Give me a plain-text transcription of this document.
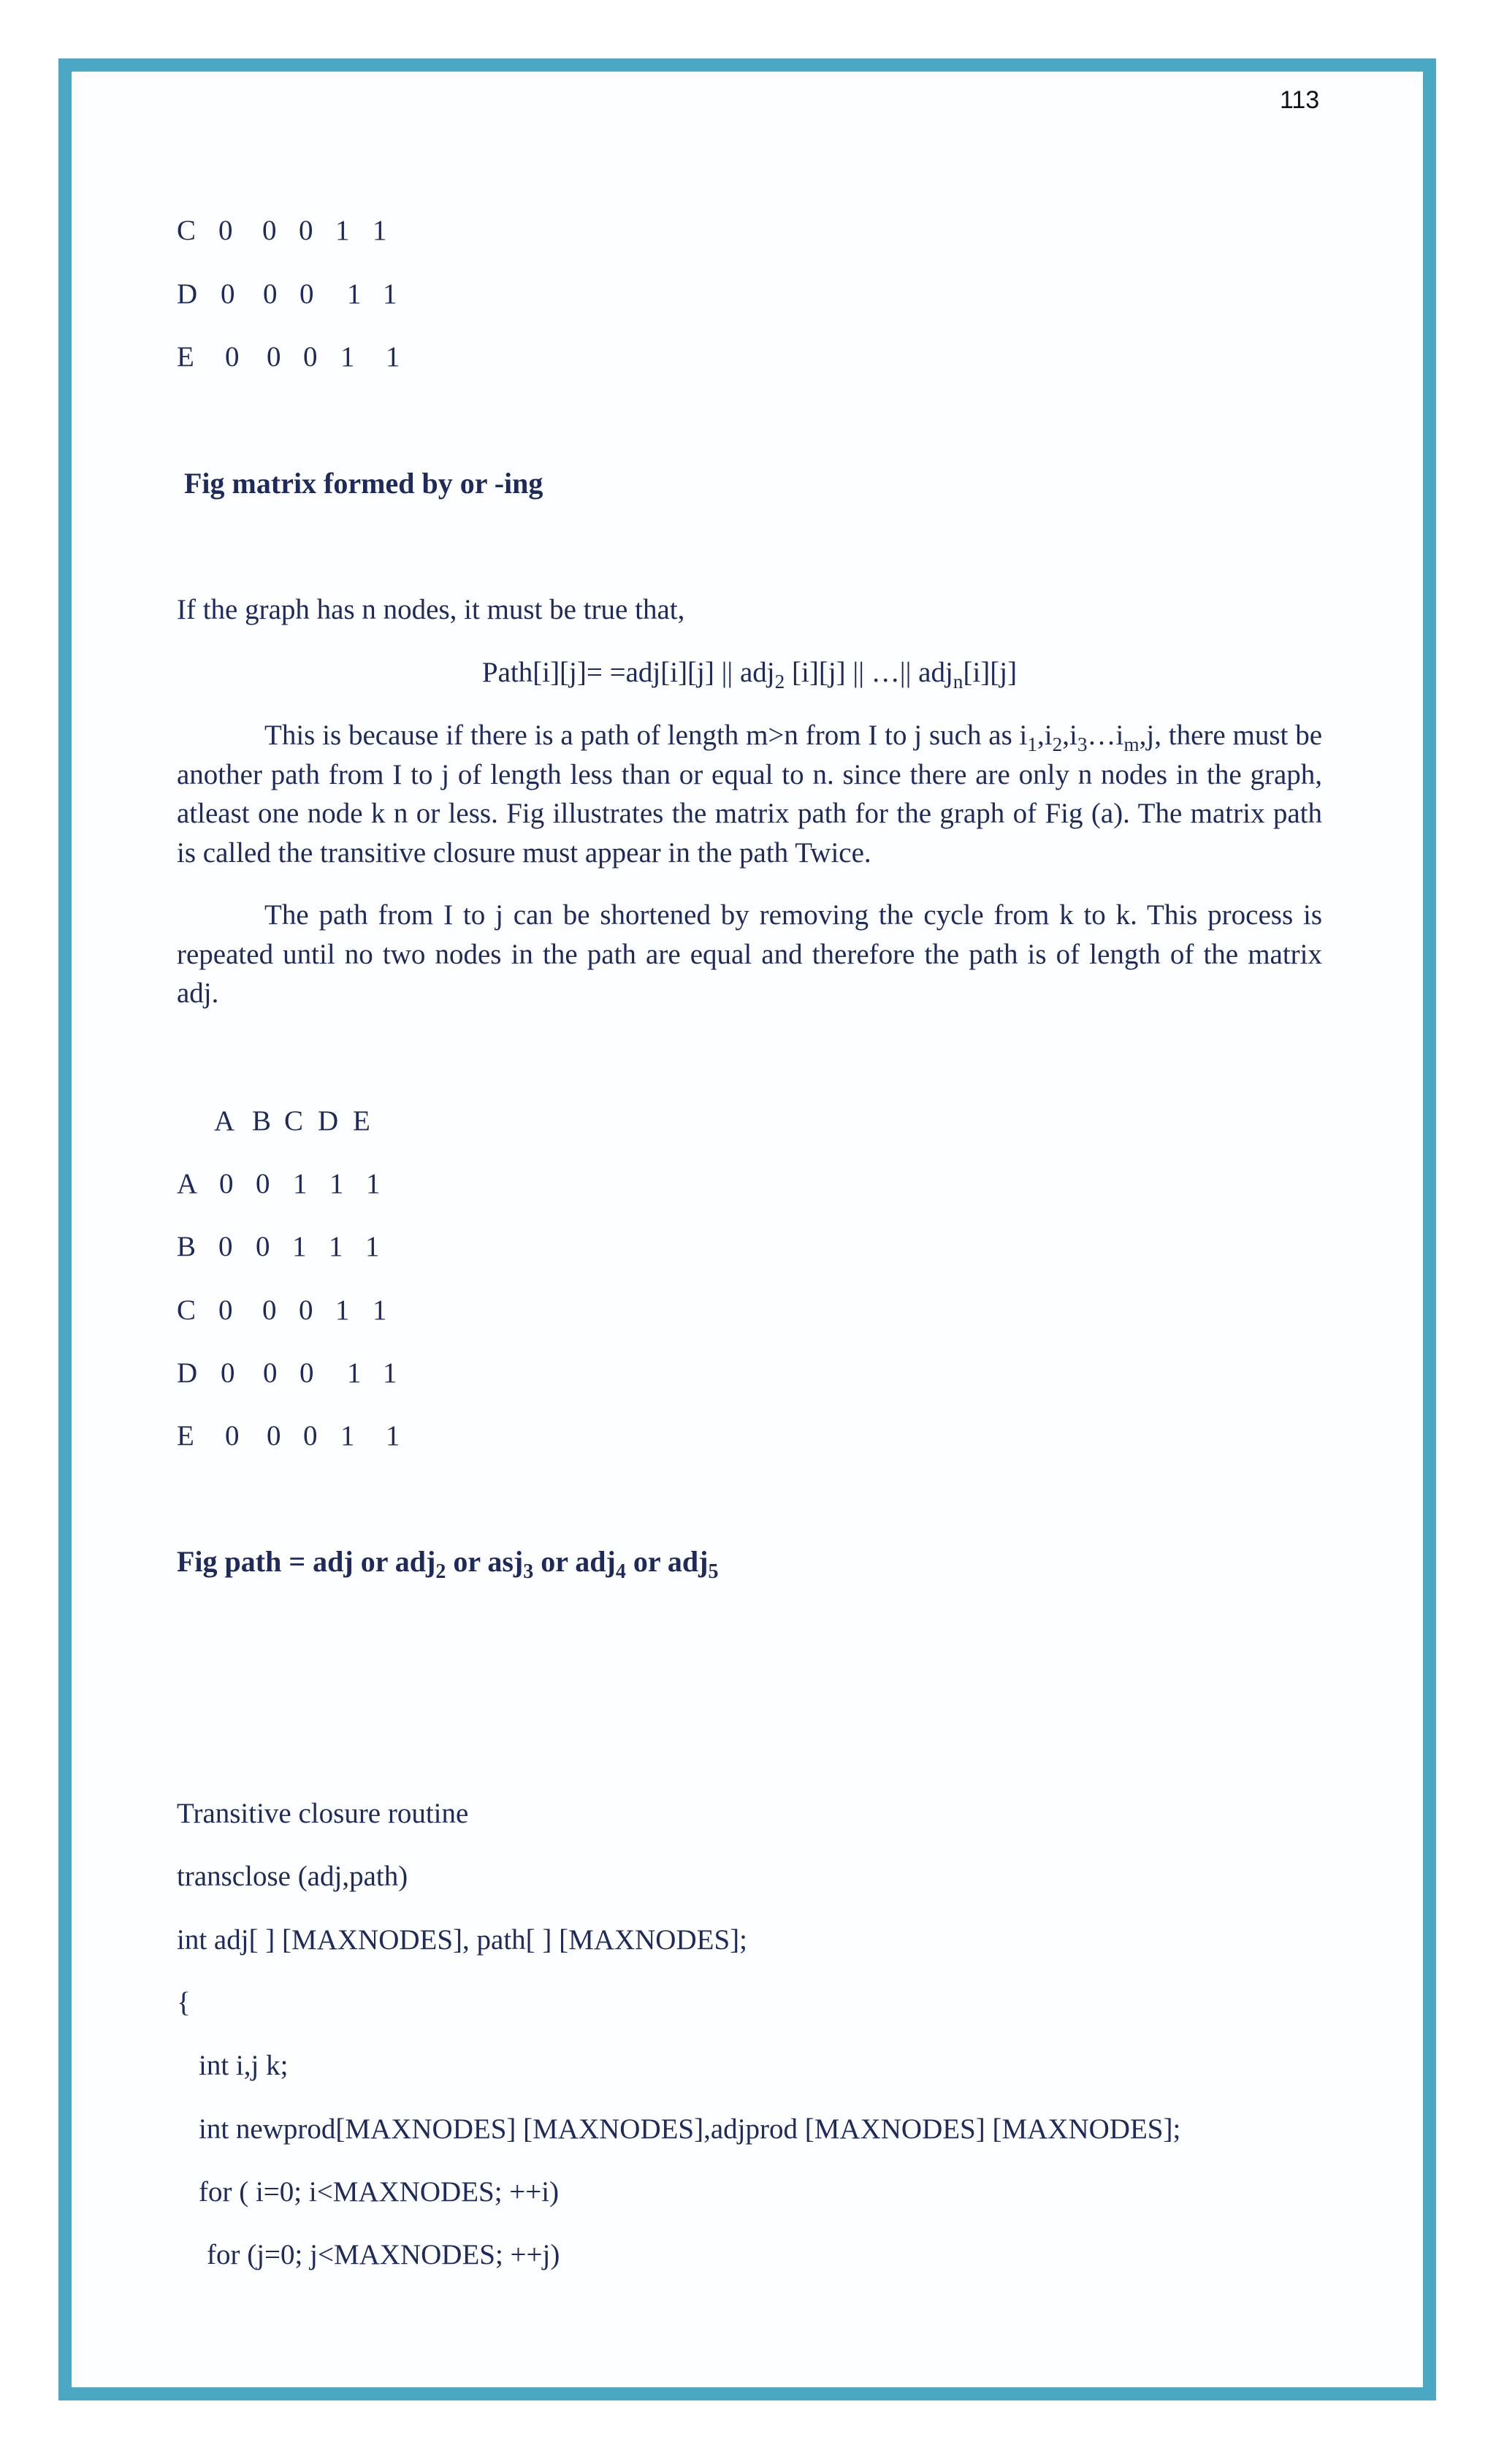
113
C 0 0 0 1 1
D 0 0 0 1 1
E 0 0 0 1 1
Fig matrix formed by or -ing
If the graph has n nodes, it must be true that,
Path[i][j]= =adj[i][j] || adj$_2$ [i][j] || …|| adj$_n$[i][j]
This is because if there is a path of length m>n from I to j such as $i_1,i_2,i_3\dots i_m,j$, there must be another path from I to j of length less than or equal to n. since there are only n nodes in the graph, atleast one node k n or less. Fig illustrates the matrix path for the graph of Fig (a). The matrix path is called the transitive closure must appear in the path Twice.
The path from I to j can be shortened by removing the cycle from k to k. This process is repeated until no two nodes in the path are equal and therefore the path is of length of the matrix adj.
A B C D E
A 0 0 1 1 1
B 0 0 1 1 1
C 0 0 0 1 1
D 0 0 0 1 1
E 0 0 0 1 1
Fig path = adj or adj$_2$ or asj$_3$ or adj$_4$ or adj$_5$
Transitive closure routine
transclose (adj,path)
int adj[ ] [MAXNODES], path[ ] [MAXNODES];
{
int i,j k;
int newprod[MAXNODES] [MAXNODES],adjprod [MAXNODES] [MAXNODES];
for ( i=0; i<MAXNODES; ++i)
for (j=0; j<MAXNODES; ++j)
